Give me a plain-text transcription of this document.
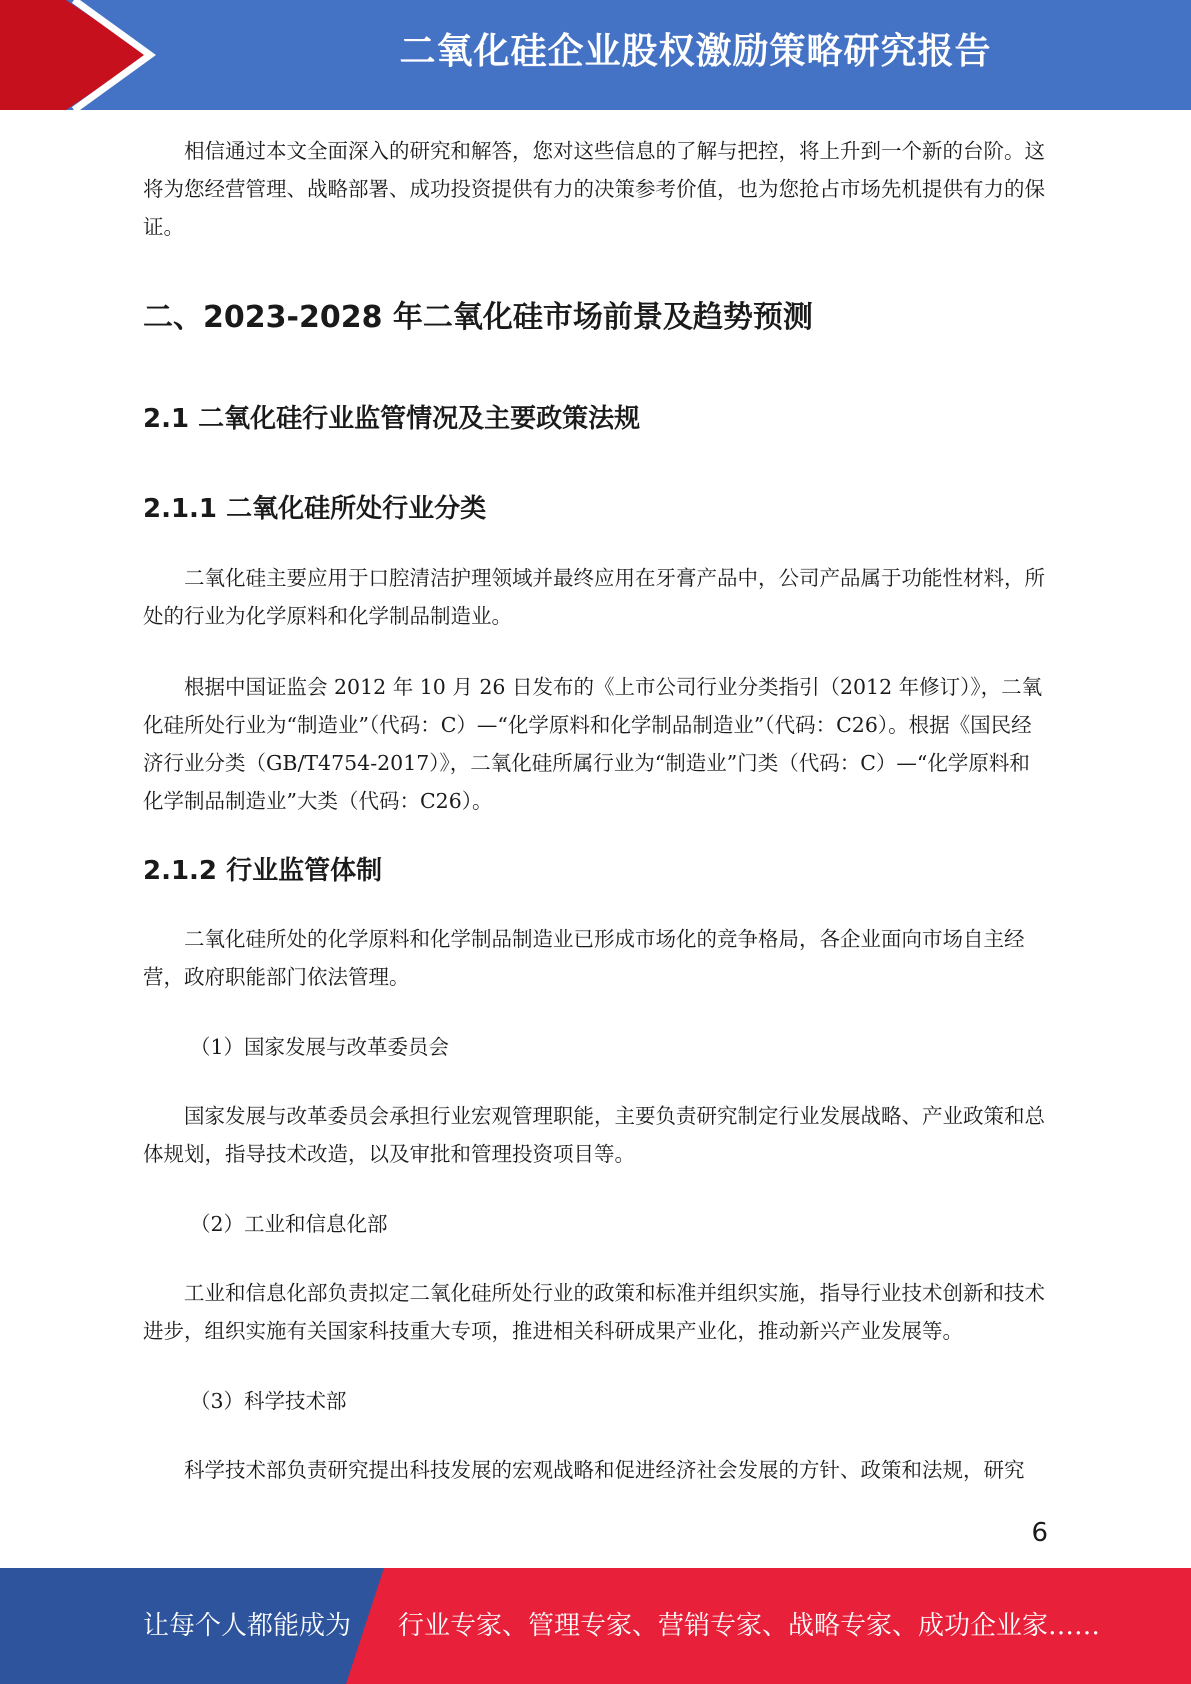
二氧化硅企业股权激励策略研究报告

相信通过本文全面深入的研究和解答，您对这些信息的了解与把控，将上升到一个新的台阶。这将为您经营管理、战略部署、成功投资提供有力的决策参考价值，也为您抢占市场先机提供有力的保证。

二、2023-2028 年二氧化硅市场前景及趋势预测
2.1 二氧化硅行业监管情况及主要政策法规
2.1.1 二氧化硅所处行业分类

二氧化硅主要应用于口腔清洁护理领域并最终应用在牙膏产品中，公司产品属于功能性材料，所处的行业为化学原料和化学制品制造业。

根据中国证监会 2012 年 10 月 26 日发布的《上市公司行业分类指引（2012 年修订）》，二氧化硅所处行业为“制造业”（代码：C）—“化学原料和化学制品制造业”（代码：C26）。根据《国民经济行业分类（GB/T4754-2017）》，二氧化硅所属行业为“制造业”门类（代码：C）—“化学原料和化学制品制造业”大类（代码：C26）。

2.1.2 行业监管体制

二氧化硅所处的化学原料和化学制品制造业已形成市场化的竞争格局，各企业面向市场自主经营，政府职能部门依法管理。

（1）国家发展与改革委员会

国家发展与改革委员会承担行业宏观管理职能，主要负责研究制定行业发展战略、产业政策和总体规划，指导技术改造，以及审批和管理投资项目等。

（2）工业和信息化部

工业和信息化部负责拟定二氧化硅所处行业的政策和标准并组织实施，指导行业技术创新和技术进步，组织实施有关国家科技重大专项，推进相关科研成果产业化，推动新兴产业发展等。

（3）科学技术部

科学技术部负责研究提出科技发展的宏观战略和促进经济社会发展的方针、政策和法规，研究

6
让每个人都能成为 行业专家、管理专家、营销专家、战略专家、成功企业家……
